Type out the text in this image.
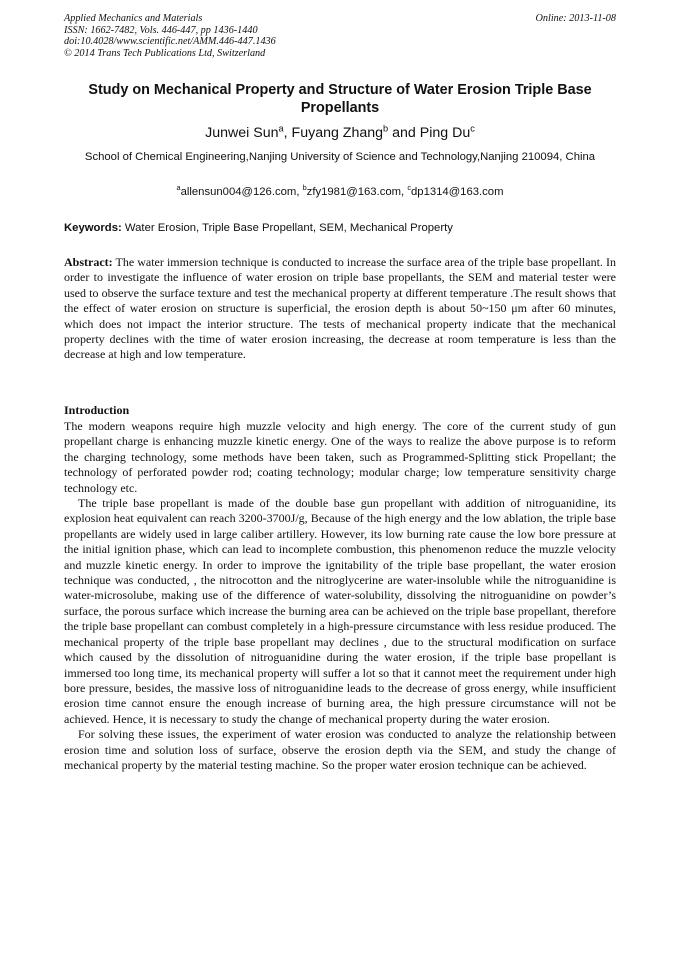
Applied Mechanics and Materials
ISSN: 1662-7482, Vols. 446-447, pp 1436-1440
doi:10.4028/www.scientific.net/AMM.446-447.1436
© 2014 Trans Tech Publications Ltd, Switzerland
Online: 2013-11-08
Study on Mechanical Property and Structure of Water Erosion Triple Base Propellants
Junwei Sun$^a$, Fuyang Zhang$^b$ and Ping Du$^c$
School of Chemical Engineering,Nanjing University of Science and Technology,Nanjing 210094, China
$^a$allensun004@126.com, $^b$zfy1981@163.com, $^c$dp1314@163.com
Keywords: Water Erosion, Triple Base Propellant, SEM, Mechanical Property
Abstract: The water immersion technique is conducted to increase the surface area of the triple base propellant. In order to investigate the influence of water erosion on triple base propellants, the SEM and material tester were used to observe the surface texture and test the mechanical property at different temperature .The result shows that the effect of water erosion on structure is superficial, the erosion depth is about 50~150 μm after 60 minutes, which does not impact the interior structure. The tests of mechanical property indicate that the mechanical property declines with the time of water erosion increasing, the decrease at room temperature is less than the decrease at high and low temperature.
Introduction

The modern weapons require high muzzle velocity and high energy. The core of the current study of gun propellant charge is enhancing muzzle kinetic energy. One of the ways to realize the above purpose is to reform the charging technology, some methods have been taken, such as Programmed-Splitting stick Propellant; the technology of perforated powder rod; coating technology; modular charge; low temperature sensitivity charge technology etc.

The triple base propellant is made of the double base gun propellant with addition of nitroguanidine, its explosion heat equivalent can reach 3200-3700J/g, Because of the high energy and the low ablation, the triple base propellants are widely used in large caliber artillery. However, its low burning rate cause the low bore pressure at the initial ignition phase, which can lead to incomplete combustion, this phenomenon reduce the muzzle velocity and muzzle kinetic energy. In order to improve the ignitability of the triple base propellant, the water erosion technique was conducted, , the nitrocotton and the nitroglycerine are water-insoluble while the nitroguanidine is water-microsolube, making use of the difference of water-solubility, dissolving the nitroguanidine on powder’s surface, the porous surface which increase the burning area can be achieved on the triple base propellant, therefore the triple base propellant can combust completely in a high-pressure circumstance with less residue produced. The mechanical property of the triple base propellant may declines , due to the structural modification on surface which caused by the dissolution of nitroguanidine during the water erosion, if the triple base propellant is immersed too long time, its mechanical property will suffer a lot so that it cannot meet the requirement under high bore pressure, besides, the massive loss of nitroguanidine leads to the decrease of gross energy, while insufficient erosion time cannot ensure the enough increase of burning area, the high pressure circumstance will not be achieved. Hence, it is necessary to study the change of mechanical property during the water erosion.

For solving these issues, the experiment of water erosion was conducted to analyze the relationship between erosion time and solution loss of surface, observe the erosion depth via the SEM, and study the change of mechanical property by the material testing machine. So the proper water erosion technique can be achieved.
